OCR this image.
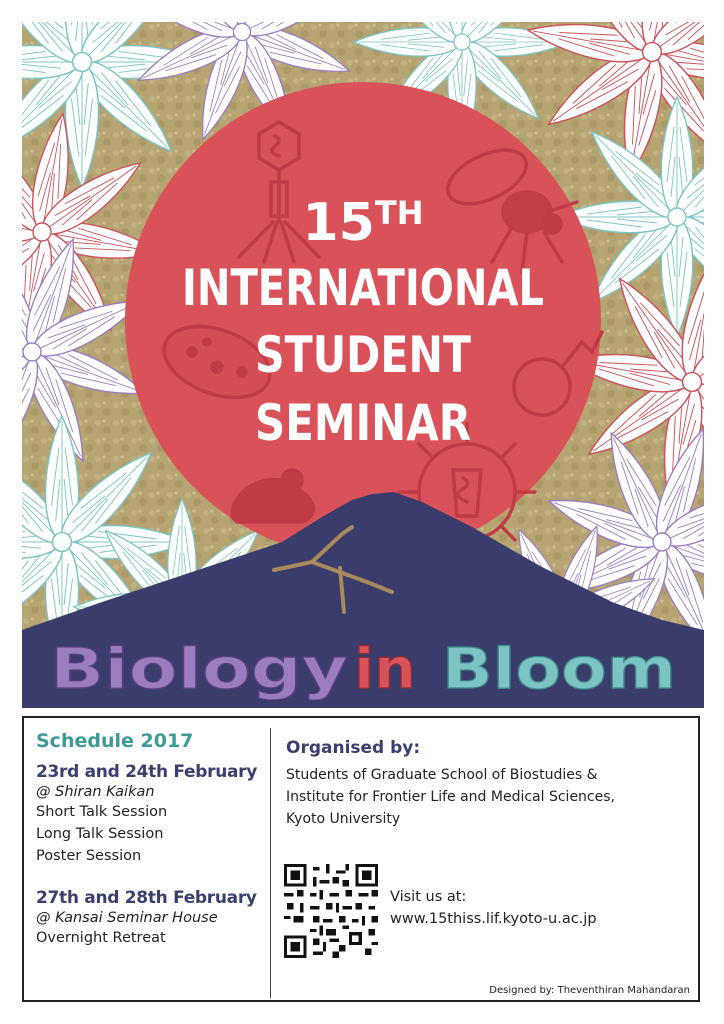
15TH
INTERNATIONAL
STUDENT
SEMINAR
Biology in Bloom

Schedule 2017

23rd and 24th February

@ Shiran Kaikan

Short Talk Session

Long Talk Session

Poster Session

27th and 28th February

@ Kansai Seminar House

Overnight Retreat

Organised by:

Students of Graduate School of Biostudies &

Institute for Frontier Life and Medical Sciences,

Kyoto University

Visit us at:
www.15thiss.lif.kyoto-u.ac.jp
Designed by: Theventhiran Mahandaran
